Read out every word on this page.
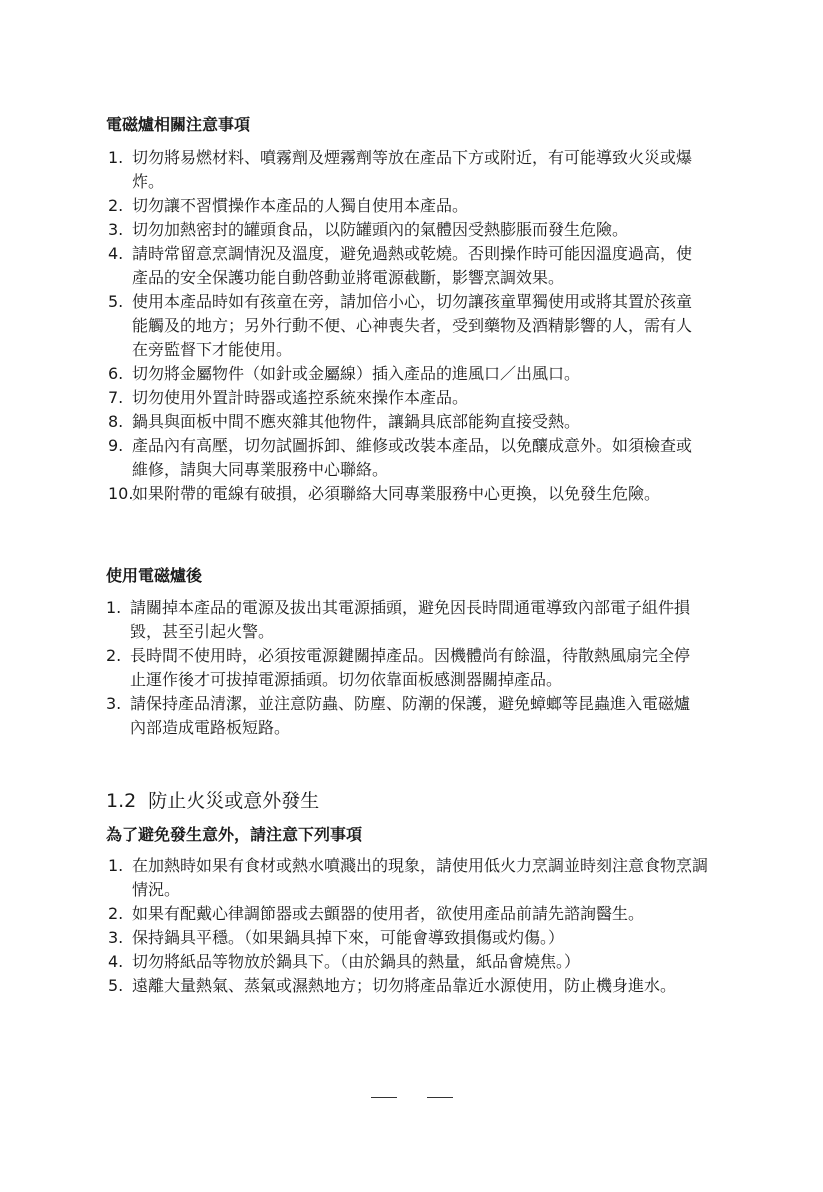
電磁爐相關注意事項
1. 切勿將易燃材料、噴霧劑及煙霧劑等放在產品下方或附近，有可能導致火災或爆炸。
2. 切勿讓不習慣操作本產品的人獨自使用本產品。
3. 切勿加熱密封的罐頭食品，以防罐頭內的氣體因受熱膨脹而發生危險。
4. 請時常留意烹調情況及溫度，避免過熱或乾燒。否則操作時可能因溫度過高，使產品的安全保護功能自動啓動並將電源截斷，影響烹調效果。
5. 使用本產品時如有孩童在旁，請加倍小心，切勿讓孩童單獨使用或將其置於孩童能觸及的地方；另外行動不便、心神喪失者，受到藥物及酒精影響的人，需有人在旁監督下才能使用。
6. 切勿將金屬物件（如針或金屬線）插入產品的進風口／出風口。
7. 切勿使用外置計時器或遙控系統來操作本產品。
8. 鍋具與面板中間不應夾雜其他物件，讓鍋具底部能夠直接受熱。
9. 產品內有高壓，切勿試圖拆卸、維修或改裝本產品，以免釀成意外。如須檢查或維修，請與大同專業服務中心聯絡。
10.
如果附帶的電線有破損，必須聯絡大同專業服務中心更換，以免發生危險。
使用電磁爐後
1. 請關掉本產品的電源及拔出其電源插頭，避免因長時間通電導致內部電子組件損毀，甚至引起火警。
2. 長時間不使用時，必須按電源鍵關掉產品。因機體尚有餘溫，待散熱風扇完全停止運作後才可拔掉電源插頭。切勿依靠面板感測器關掉產品。
3. 請保持產品清潔，並注意防蟲、防塵、防潮的保護，避免蟑螂等昆蟲進入電磁爐內部造成電路板短路。
1.2 防止火災或意外發生
為了避免發生意外，請注意下列事項
1. 在加熱時如果有食材或熱水噴濺出的現象，請使用低火力烹調並時刻注意食物烹調情況。
2. 如果有配戴心律調節器或去顫器的使用者，欲使用產品前請先諮詢醫生。
3. 保持鍋具平穩。（如果鍋具掉下來，可能會導致損傷或灼傷。）
4. 切勿將紙品等物放於鍋具下。（由於鍋具的熱量，紙品會燒焦。）
5. 遠離大量熱氣、蒸氣或濕熱地方；切勿將產品靠近水源使用，防止機身進水。
